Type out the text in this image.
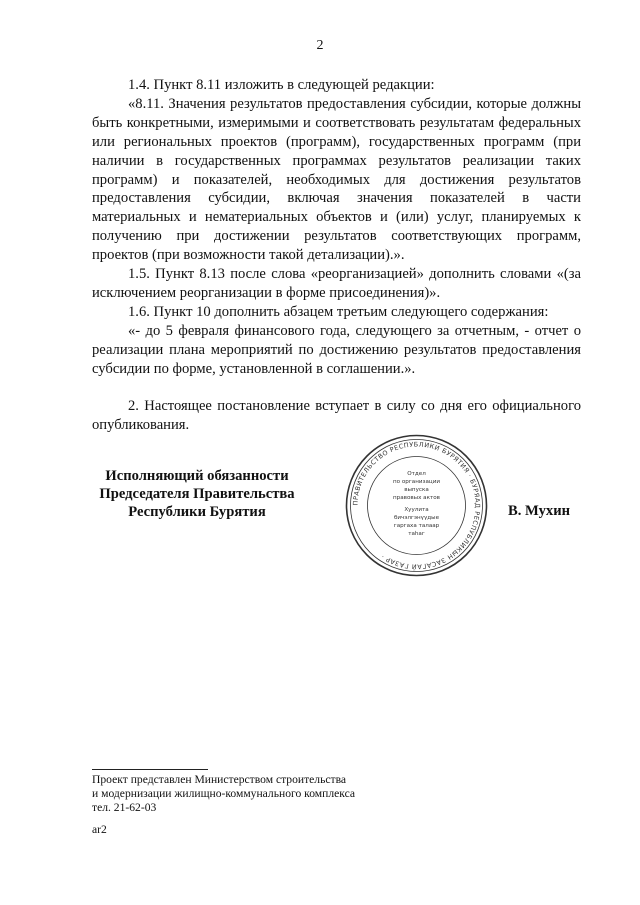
2

1.4. Пункт 8.11 изложить в следующей редакции:

«8.11. Значения результатов предоставления субсидии, которые должны быть конкретными, измеримыми и соответствовать результатам федеральных или региональных проектов (программ), государственных программ (при наличии в государственных программах результатов реализации таких программ) и показателей, необходимых для достижения результатов предоставления субсидии, включая значения показателей в части материальных и нематериальных объектов и (или) услуг, планируемых к получению при достижении результатов соответствующих программ, проектов (при возможности такой детализации).».

1.5. Пункт 8.13 после слова «реорганизацией» дополнить словами «(за исключением реорганизации в форме присоединения)».

1.6. Пункт 10 дополнить абзацем третьим следующего содержания:

«- до 5 февраля финансового года, следующего за отчетным, - отчет о реализации плана мероприятий по достижению результатов предоставления субсидии по форме, установленной в соглашении.».

2. Настоящее постановление вступает в силу со дня его официального опубликования.

Исполняющий обязанности
Председателя Правительства
Республики Бурятия
ПРАВИТЕЛЬСТВО РЕСПУБЛИКИ БУРЯТИЯ · БУРЯАД РЕСПУБЛИКЫН ЗАСАГАЙ ГАЗАР ·
Отдел
по организации
выпуска
правовых актов
Хуулита
бичэлгэнүүдые
гаргаха талаар
таһаг
В. Мухин
Проект представлен Министерством строительства
и модернизации жилищно-коммунального комплекса
тел. 21-62-03
ar2
